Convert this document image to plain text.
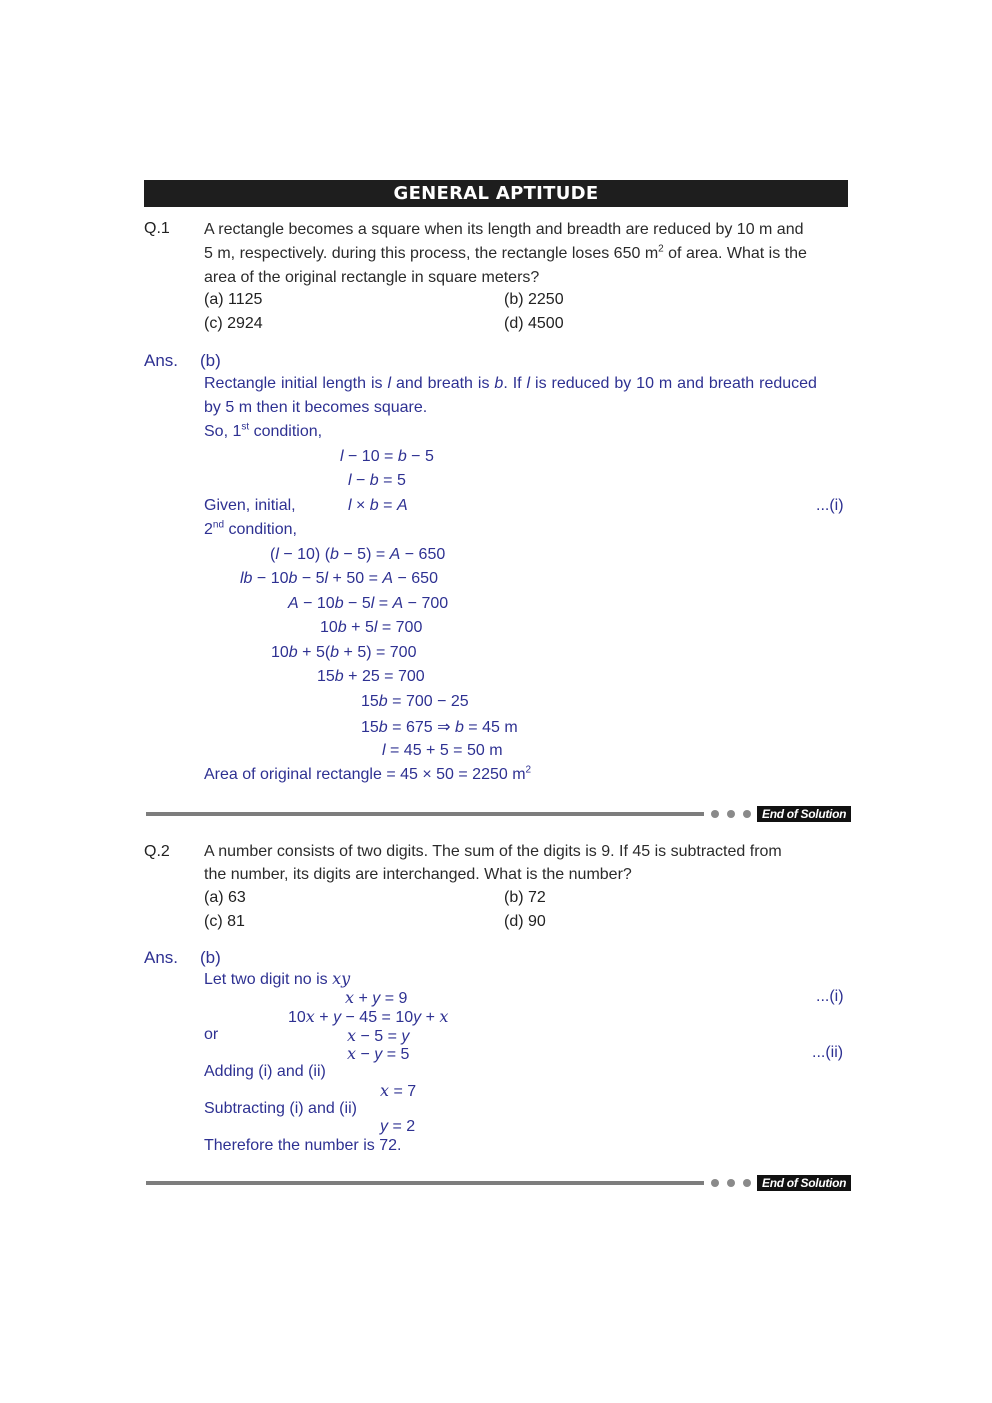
GENERAL APTITUDE
Q.1 A rectangle becomes a square when its length and breadth are reduced by 10 m and
5 m, respectively. during this process, the rectangle loses 650 $m^2$ of area. What is the
area of the original rectangle in square meters?
(a) 1125	(b) 2250
(c) 2924	(d) 4500
Ans. (b)
Rectangle initial length is l and breath is b. If l is reduced by 10 m and breath reduced
by 5 m then it becomes square.
So, 1st condition,
l − 10 = b − 5
l − b = 5
Given, initial,	l × b = A	...(i)
2nd condition,
(l − 10) (b − 5) = A − 650
lb − 10b − 5l + 50 = A − 650
A − 10b − 5l = A − 700
10b + 5l = 700
10b + 5(b + 5) = 700
15b + 25 = 700
15b = 700 − 25
15b = 675 ⇒ b = 45 m
l = 45 + 5 = 50 m
Area of original rectangle = 45 × 50 = 2250 $m^2$
End of Solution
Q.2 A number consists of two digits. The sum of the digits is 9. If 45 is subtracted from
the number, its digits are interchanged. What is the number?
(a) 63	(b) 72
(c) 81	(d) 90
Ans. (b)
Let two digit no is xy
x + y = 9	...(i)
10x + y − 45 = 10y + x
or	x − 5 = y
x − y = 5	...(ii)
Adding (i) and (ii)
x = 7
Subtracting (i) and (ii)
y = 2
Therefore the number is 72.
End of Solution
